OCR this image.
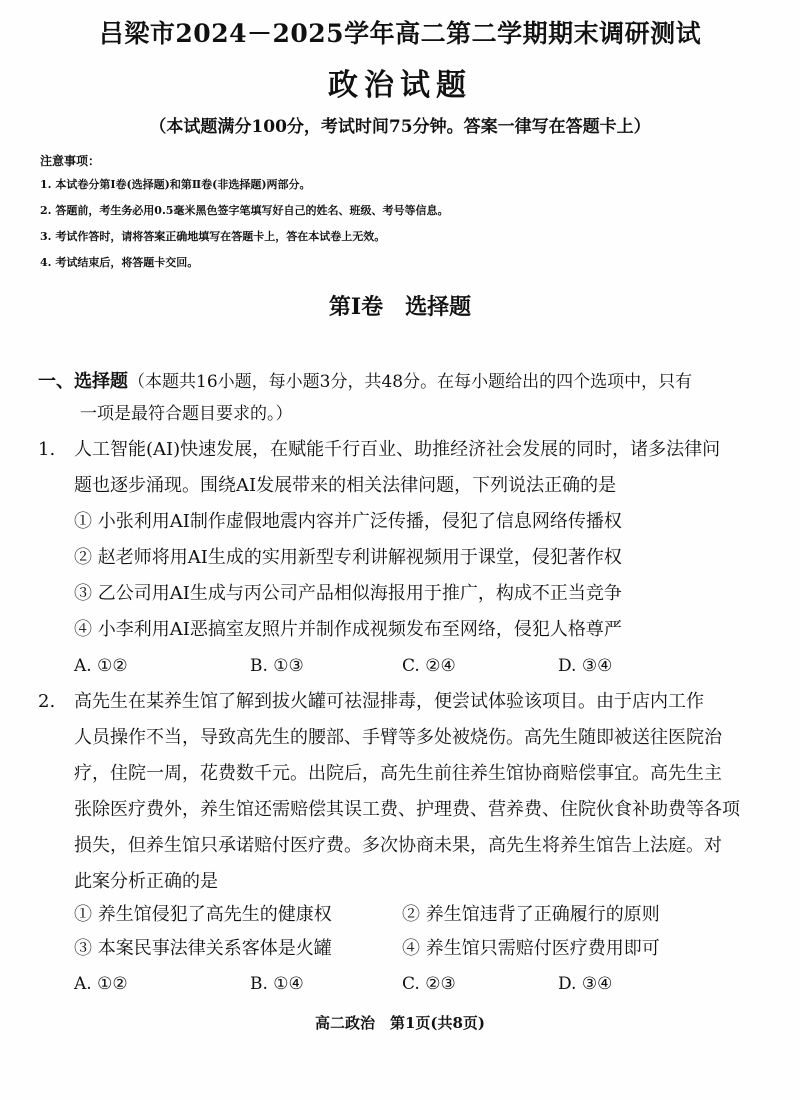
吕梁市2024－2025学年高二第二学期期末调研测试
政治试题
（本试题满分100分，考试时间75分钟。答案一律写在答题卡上）
注意事项：
1. 本试卷分第Ⅰ卷(选择题)和第Ⅱ卷(非选择题)两部分。
2. 答题前，考生务必用0.5毫米黑色签字笔填写好自己的姓名、班级、考号等信息。
3. 考试作答时，请将答案正确地填写在答题卡上，答在本试卷上无效。
4. 考试结束后，将答题卡交回。
第Ⅰ卷　选择题
一、选择题（本题共16小题，每小题3分，共48分。在每小题给出的四个选项中，只有
一项是最符合题目要求的。）
1. 人工智能(AI)快速发展，在赋能千行百业、助推经济社会发展的同时，诸多法律问
题也逐步涌现。围绕AI发展带来的相关法律问题，下列说法正确的是
① 小张利用AI制作虚假地震内容并广泛传播，侵犯了信息网络传播权
② 赵老师将用AI生成的实用新型专利讲解视频用于课堂，侵犯著作权
③ 乙公司用AI生成与丙公司产品相似海报用于推广，构成不正当竞争
④ 小李利用AI恶搞室友照片并制作成视频发布至网络，侵犯人格尊严
A. ①②	B. ①③	C. ②④	D. ③④
2. 高先生在某养生馆了解到拔火罐可祛湿排毒，便尝试体验该项目。由于店内工作
人员操作不当，导致高先生的腰部、手臂等多处被烧伤。高先生随即被送往医院治
疗，住院一周，花费数千元。出院后，高先生前往养生馆协商赔偿事宜。高先生主
张除医疗费外，养生馆还需赔偿其误工费、护理费、营养费、住院伙食补助费等各项
损失，但养生馆只承诺赔付医疗费。多次协商未果，高先生将养生馆告上法庭。对
此案分析正确的是
① 养生馆侵犯了高先生的健康权	② 养生馆违背了正确履行的原则
③ 本案民事法律关系客体是火罐	④ 养生馆只需赔付医疗费用即可
A. ①②	B. ①④	C. ②③	D. ③④
高二政治　第1页(共8页)
